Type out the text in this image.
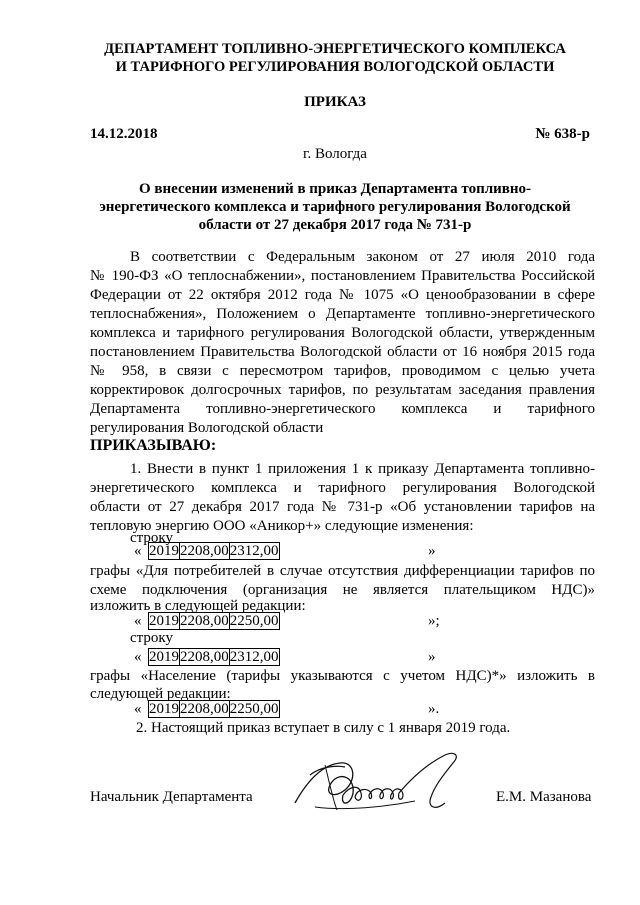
ДЕПАРТАМЕНТ ТОПЛИВНО-ЭНЕРГЕТИЧЕСКОГО КОМПЛЕКСА
И ТАРИФНОГО РЕГУЛИРОВАНИЯ ВОЛОГОДСКОЙ ОБЛАСТИ
ПРИКАЗ
14.12.2018	№ 638-р
г. Вологда
О внесении изменений в приказ Департамента топливно-
энергетического комплекса и тарифного регулирования Вологодской
области от 27 декабря 2017 года № 731-р
В соответствии с Федеральным законом от 27 июля 2010 года
№ 190-ФЗ «О теплоснабжении», постановлением Правительства Российской
Федерации от 22 октября 2012 года № 1075 «О ценообразовании в сфере
теплоснабжения», Положением о Департаменте топливно-энергетического
комплекса и тарифного регулирования Вологодской области, утвержденным
постановлением Правительства Вологодской области от 16 ноября 2015 года
№ 958, в связи с пересмотром тарифов, проводимом с целью учета
корректировок долгосрочных тарифов, по результатам заседания правления
Департамента топливно-энергетического комплекса и тарифного
регулирования Вологодской области
ПРИКАЗЫВАЮ:
1. Внести в пункт 1 приложения 1 к приказу Департамента топливно-
энергетического комплекса и тарифного регулирования Вологодской
области от 27 декабря 2017 года № 731-р «Об установлении тарифов на
тепловую энергию ООО «Аникор+» следующие изменения:
строку
« 2019	2208,00	2312,00	»
графы «Для потребителей в случае отсутствия дифференциации тарифов по
схеме подключения (организация не является плательщиком НДС)»
изложить в следующей редакции:
« 2019	2208,00	2250,00	»;
строку
« 2019	2208,00	2312,00	»
графы «Население (тарифы указываются с учетом НДС)*» изложить в
следующей редакции:
« 2019	2208,00	2250,00	».
2. Настоящий приказ вступает в силу с 1 января 2019 года.
Начальник Департамента	Е.М. Мазанова
